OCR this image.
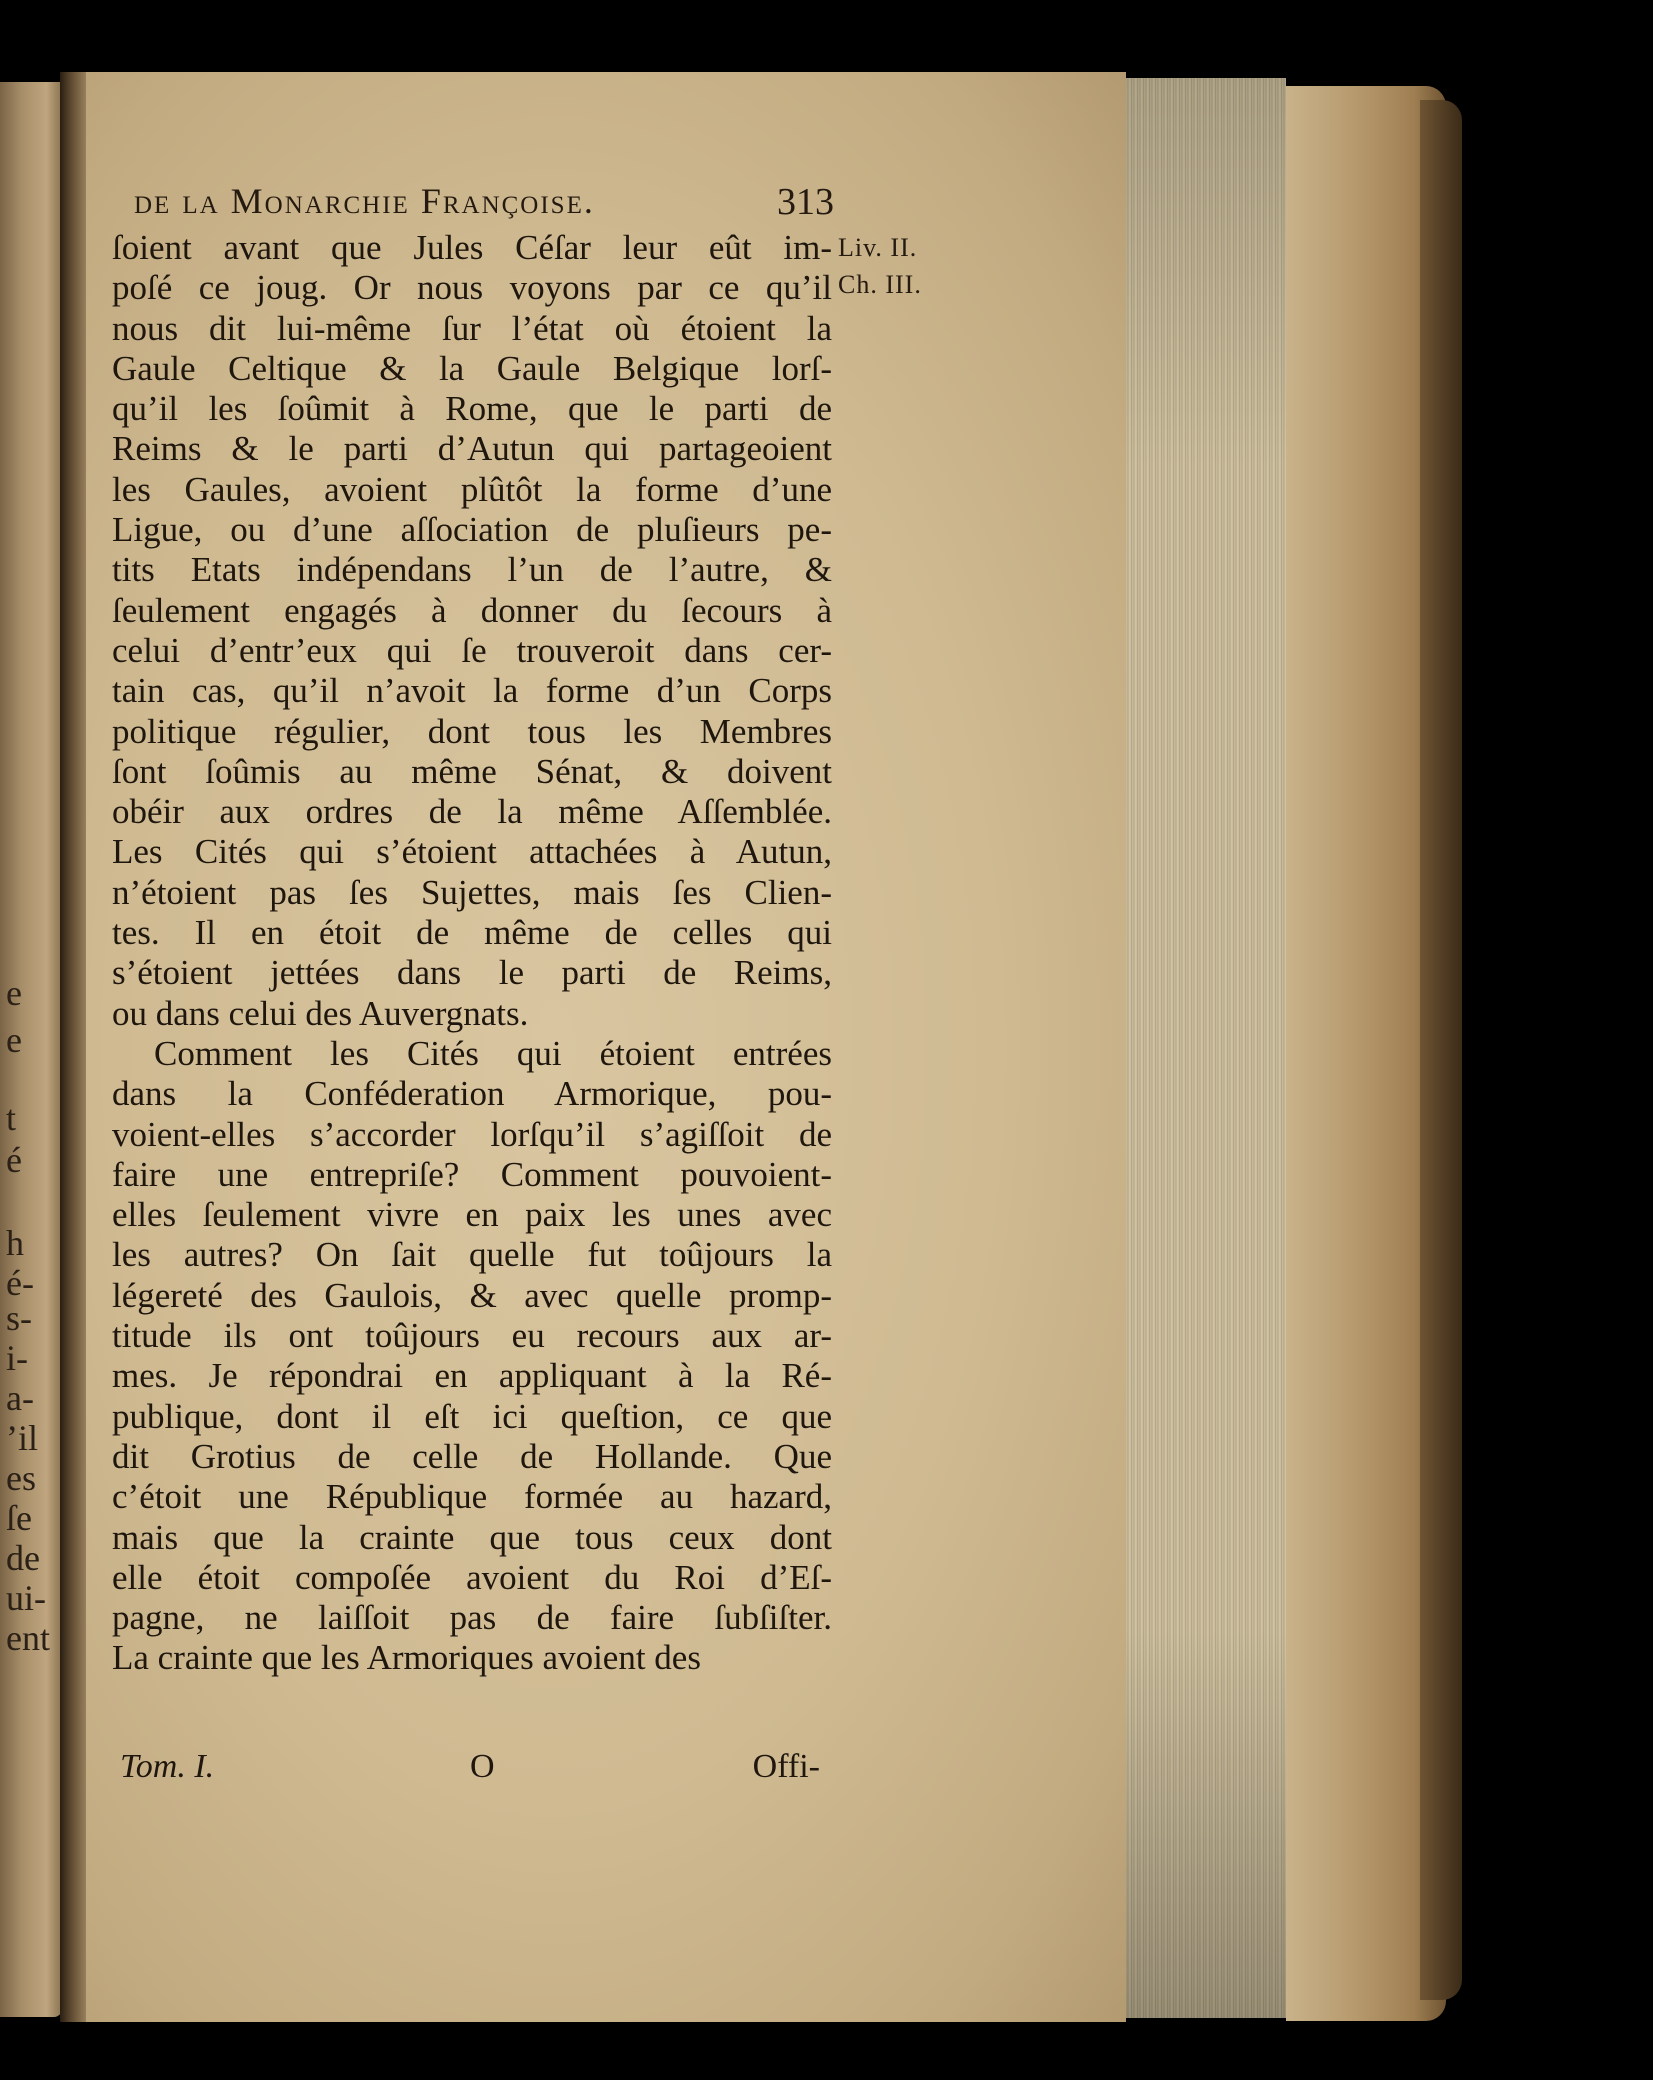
e
e
t
é
h
é-
s-
i-
a-
’il
es
ſe
de
ui-
ent
de la Monarchie Françoise.	313
Liv. II.
Ch. III.
ſoient avant que Jules Céſar leur eût im-
poſé ce joug. Or nous voyons par ce qu’il
nous dit lui-même ſur l’état où étoient la
Gaule Celtique & la Gaule Belgique lorſ-
qu’il les ſoûmit à Rome, que le parti de
Reims & le parti d’Autun qui partageoient
les Gaules, avoient plûtôt la forme d’une
Ligue, ou d’une aſſociation de pluſieurs pe-
tits Etats indépendans l’un de l’autre, &
ſeulement engagés à donner du ſecours à
celui d’entr’eux qui ſe trouveroit dans cer-
tain cas, qu’il n’avoit la forme d’un Corps
politique régulier, dont tous les Membres
ſont ſoûmis au même Sénat, & doivent
obéir aux ordres de la même Aſſemblée.
Les Cités qui s’étoient attachées à Autun,
n’étoient pas ſes Sujettes, mais ſes Clien-
tes. Il en étoit de même de celles qui
s’étoient jettées dans le parti de Reims,
ou dans celui des Auvergnats.
Comment les Cités qui étoient entrées
dans la Conféderation Armorique, pou-
voient-elles s’accorder lorſqu’il s’agiſſoit de
faire une entrepriſe? Comment pouvoient-
elles ſeulement vivre en paix les unes avec
les autres? On ſait quelle fut toûjours la
légereté des Gaulois, & avec quelle promp-
titude ils ont toûjours eu recours aux ar-
mes. Je répondrai en appliquant à la Ré-
publique, dont il eſt ici queſtion, ce que
dit Grotius de celle de Hollande. Que
c’étoit une République formée au hazard,
mais que la crainte que tous ceux dont
elle étoit compoſée avoient du Roi d’Eſ-
pagne, ne laiſſoit pas de faire ſubſiſter.
La crainte que les Armoriques avoient des
Tom. I.	O	Offi-
